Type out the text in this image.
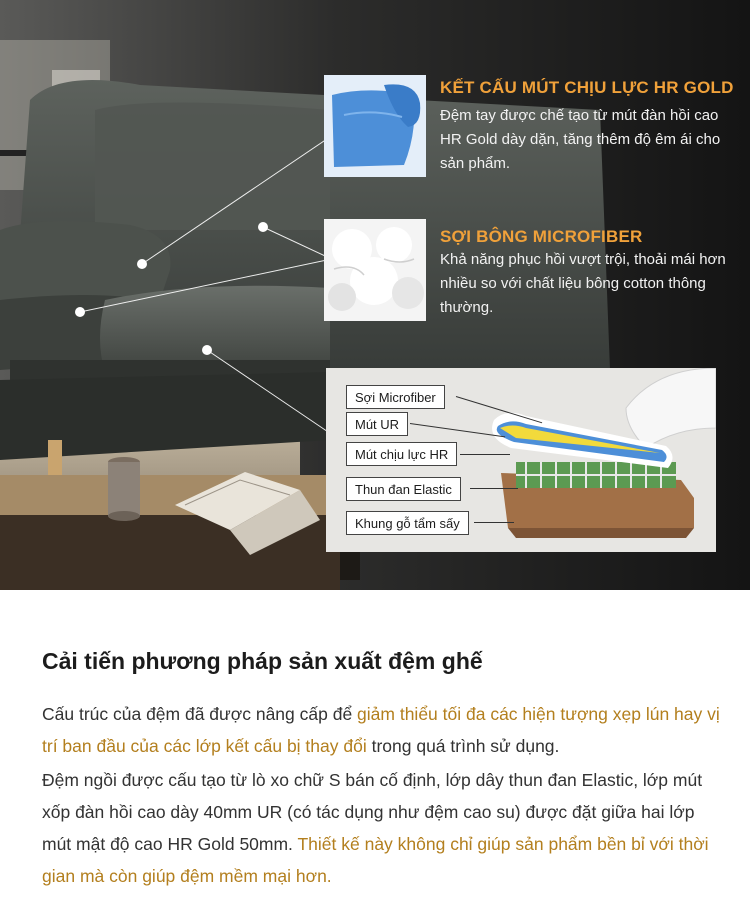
KẾT CẤU MÚT CHỊU LỰC HR GOLD
Đệm tay được chế tạo từ mút đàn hồi cao HR Gold dày dặn, tăng thêm độ êm ái cho sản phẩm.
SỢI BÔNG MICROFIBER
Khả năng phục hồi vượt trội, thoải mái hơn nhiều so với chất liệu bông cotton thông thường.
Sợi Microfiber
Mút UR
Mút chịu lực HR
Thun đan Elastic
Khung gỗ tẩm sấy
Cải tiến phương pháp sản xuất đệm ghế

Cấu trúc của đệm đã được nâng cấp để giảm thiểu tối đa các hiện tượng xẹp lún hay vị trí ban đầu của các lớp kết cấu bị thay đổi trong quá trình sử dụng.

Đệm ngồi được cấu tạo từ lò xo chữ S bán cố định, lớp dây thun đan Elastic, lớp mút xốp đàn hồi cao dày 40mm UR (có tác dụng như đệm cao su) được đặt giữa hai lớp mút mật độ cao HR Gold 50mm. Thiết kế này không chỉ giúp sản phẩm bền bỉ với thời gian mà còn giúp đệm mềm mại hơn.
